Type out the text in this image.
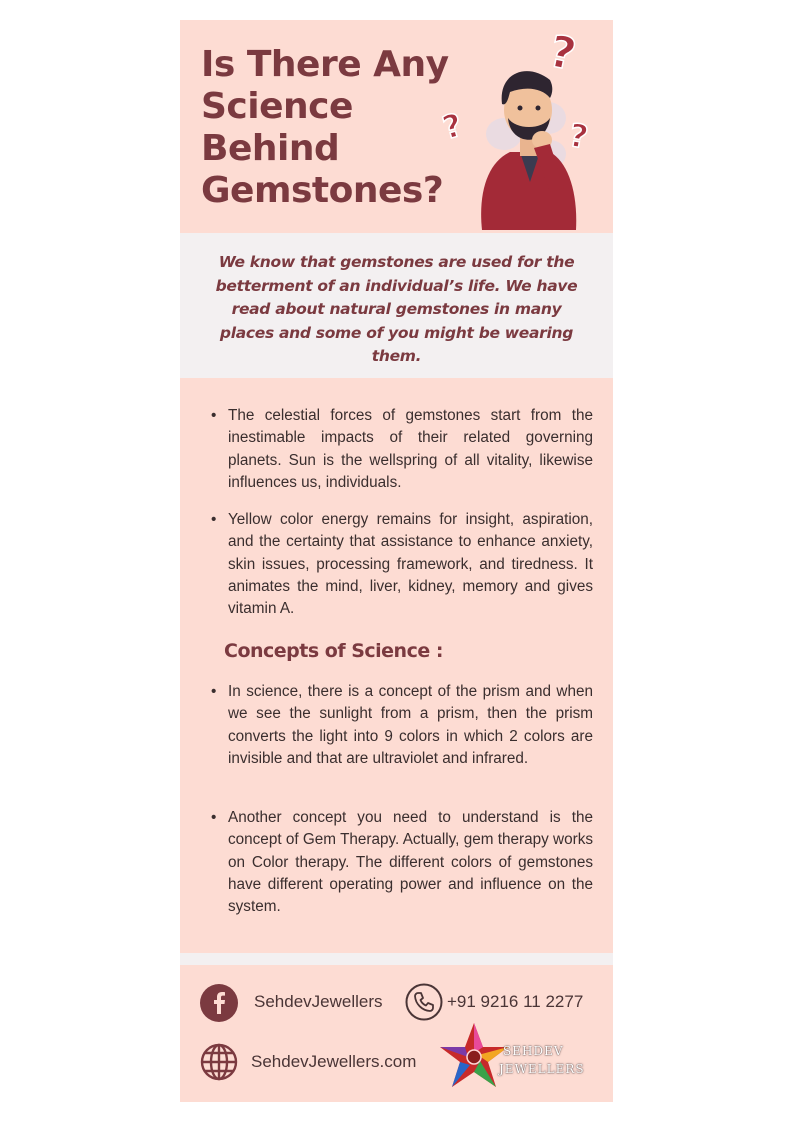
Is There Any Science Behind Gemstones?
?
?	?

We know that gemstones are used for the betterment of an individual’s life. We have read about natural gemstones in many places and some of you might be wearing them.

• The celestial forces of gemstones start from the inestimable impacts of their related governing planets. Sun is the wellspring of all vitality, likewise influences us, individuals.

• Yellow color energy remains for insight, aspiration, and the certainty that assistance to enhance anxiety, skin issues, processing framework, and tiredness. It animates the mind, liver, kidney, memory and gives vitamin A.

Concepts of Science :

• In science, there is a concept of the prism and when we see the sunlight from a prism, then the prism converts the light into 9 colors in which 2 colors are invisible and that are ultraviolet and infrared.

• Another concept you need to understand is the concept of Gem Therapy. Actually, gem therapy works on Color therapy. The different colors of gemstones have different operating power and influence on the system.

SehdevJewellers	+91 9216 11 2277
SehdevJewellers.com
SEHDEV
JEWELLERS
